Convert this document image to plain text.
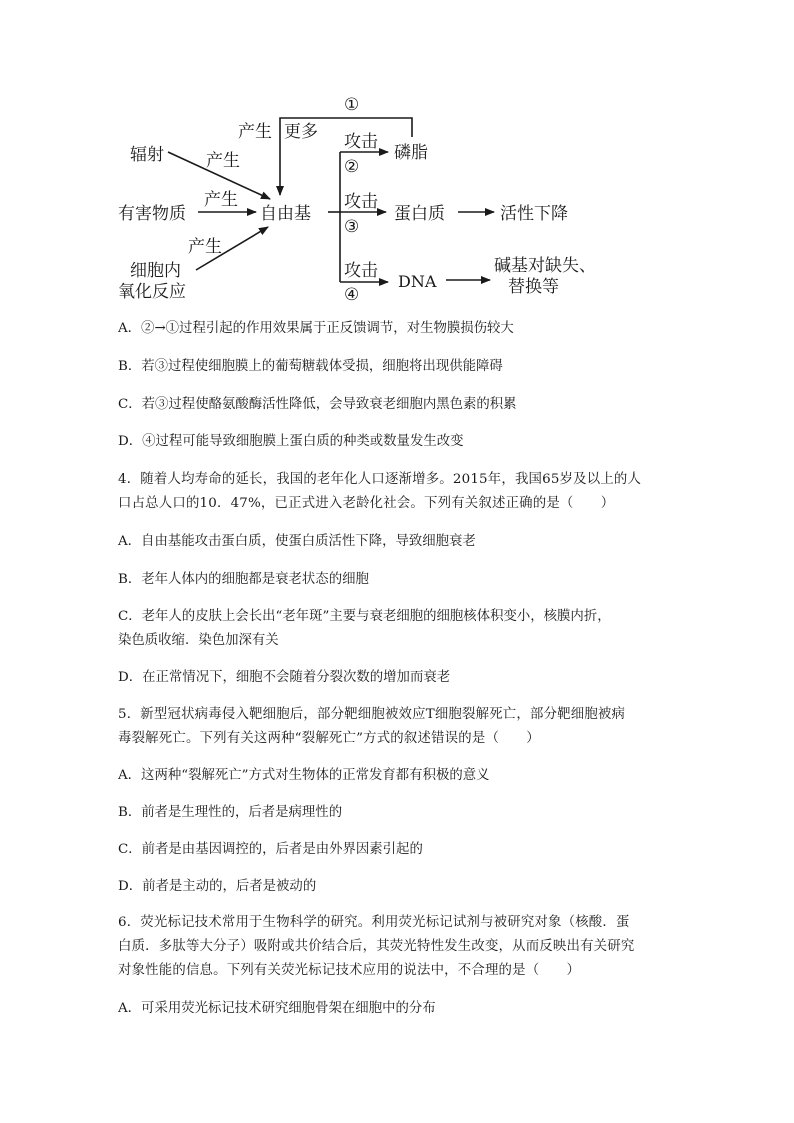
辐射
有害物质
细胞内
氧化反应
产生
产生
产生
产生 更多
自由基
①
攻击
②
攻击
③
攻击
④
磷脂
蛋白质	活性下降
DNA
碱基对缺失、
替换等
A．②→①过程引起的作用效果属于正反馈调节，对生物膜损伤较大
B．若③过程使细胞膜上的葡萄糖载体受损，细胞将出现供能障碍
C．若③过程使酪氨酸酶活性降低，会导致衰老细胞内黑色素的积累
D．④过程可能导致细胞膜上蛋白质的种类或数量发生改变
4．随着人均寿命的延长，我国的老年化人口逐渐增多。2015年，我国65岁及以上的人
口占总人口的10．47%，已正式进入老龄化社会。下列有关叙述正确的是（　　）
A．自由基能攻击蛋白质，使蛋白质活性下降，导致细胞衰老
B．老年人体内的细胞都是衰老状态的细胞
C．老年人的皮肤上会长出“老年斑”主要与衰老细胞的细胞核体积变小，核膜内折，
染色质收缩．染色加深有关
D．在正常情况下，细胞不会随着分裂次数的增加而衰老
5．新型冠状病毒侵入靶细胞后，部分靶细胞被效应T细胞裂解死亡，部分靶细胞被病
毒裂解死亡。下列有关这两种“裂解死亡”方式的叙述错误的是（　　）
A．这两种“裂解死亡”方式对生物体的正常发育都有积极的意义
B．前者是生理性的，后者是病理性的
C．前者是由基因调控的，后者是由外界因素引起的
D．前者是主动的，后者是被动的
6．荧光标记技术常用于生物科学的研究。利用荧光标记试剂与被研究对象（核酸．蛋
白质．多肽等大分子）吸附或共价结合后，其荧光特性发生改变，从而反映出有关研究
对象性能的信息。下列有关荧光标记技术应用的说法中，不合理的是（　　）
A．可采用荧光标记技术研究细胞骨架在细胞中的分布
